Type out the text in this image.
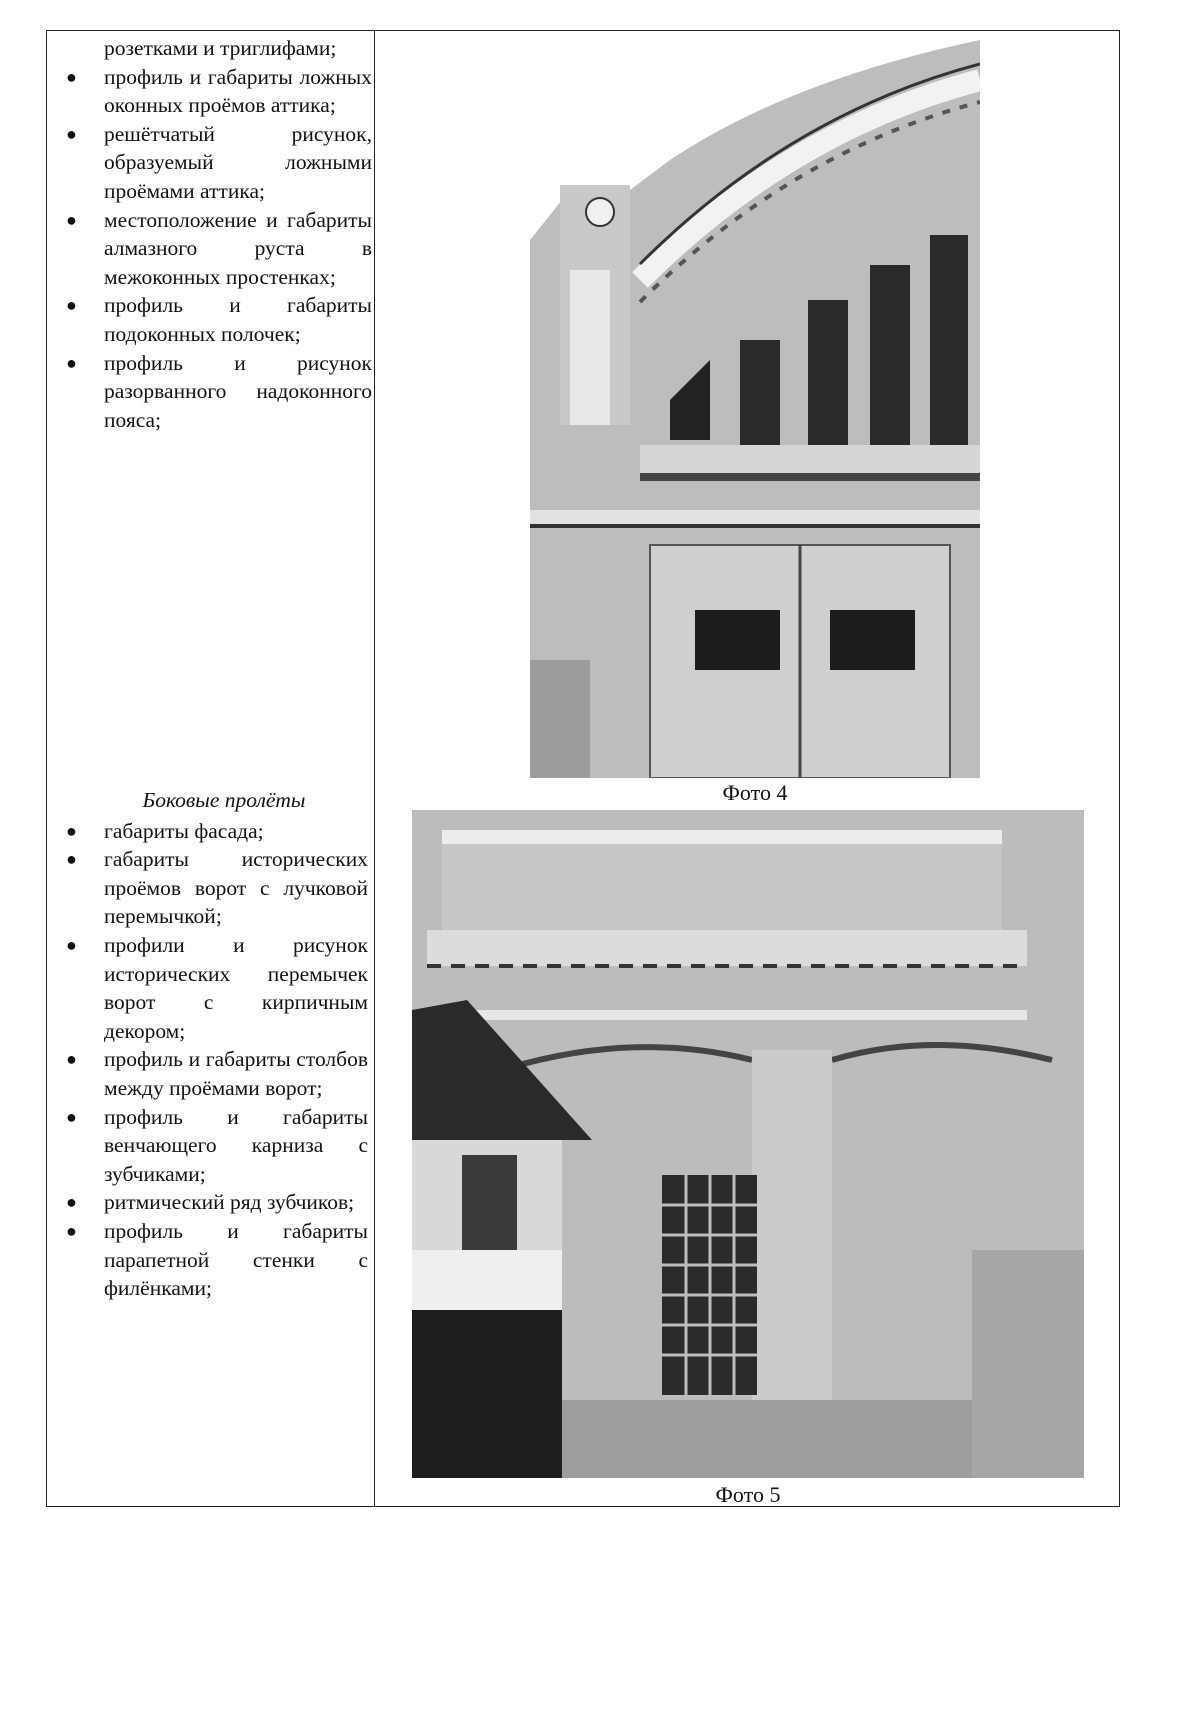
розетками и триглифами;
● профиль и габариты ложных оконных проёмов аттика;
● решётчатый рисунок, образуемый ложными проёмами аттика;
● местоположение и габариты алмазного руста в межоконных простенках;
● профиль и габариты подоконных полочек;
● профиль и рисунок разорванного надоконного пояса;
Боковые пролёты
● габариты фасада;
● габариты исторических проёмов ворот с лучковой перемычкой;
● профили и рисунок исторических перемычек ворот с кирпичным декором;
● профиль и габариты столбов между проёмами ворот;
● профиль и габариты венчающего карниза с зубчиками;
● ритмический ряд зубчиков;
● профиль и габариты парапетной стенки с филёнками;
Фото 4
Фото 5
